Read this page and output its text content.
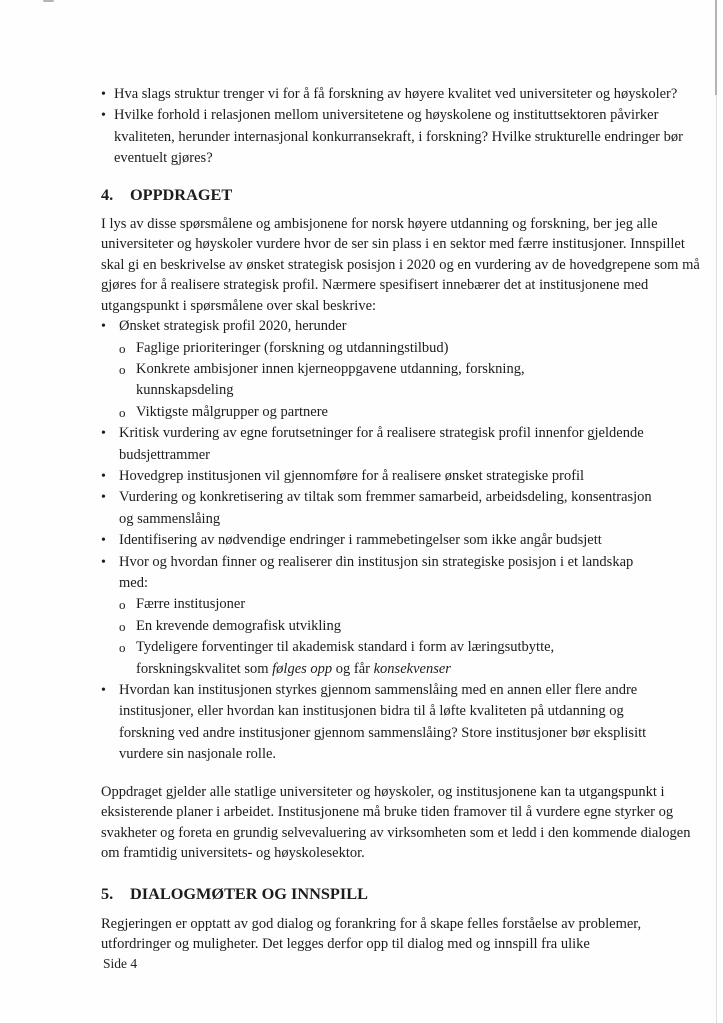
• Hva slags struktur trenger vi for å få forskning av høyere kvalitet ved universiteter og høyskoler?
• Hvilke forhold i relasjonen mellom universitetene og høyskolene og instituttsektoren påvirker kvaliteten, herunder internasjonal konkurransekraft, i forskning? Hvilke strukturelle endringer bør eventuelt gjøres?
4.	OPPDRAGET

I lys av disse spørsmålene og ambisjonene for norsk høyere utdanning og forskning, ber jeg alle universiteter og høyskoler vurdere hvor de ser sin plass i en sektor med færre institusjoner. Innspillet skal gi en beskrivelse av ønsket strategisk posisjon i 2020 og en vurdering av de hovedgrepene som må gjøres for å realisere strategisk profil. Nærmere spesifisert innebærer det at institusjonene med utgangspunkt i spørsmålene over skal beskrive:

• Ønsket strategisk profil 2020, herunder
o Faglige prioriteringer (forskning og utdanningstilbud)
o Konkrete ambisjoner innen kjerneoppgavene utdanning, forskning, kunnskapsdeling
o Viktigste målgrupper og partnere
• Kritisk vurdering av egne forutsetninger for å realisere strategisk profil innenfor gjeldende budsjettrammer
• Hovedgrep institusjonen vil gjennomføre for å realisere ønsket strategiske profil
• Vurdering og konkretisering av tiltak som fremmer samarbeid, arbeidsdeling, konsentrasjon og sammenslåing
• Identifisering av nødvendige endringer i rammebetingelser som ikke angår budsjett
• Hvor og hvordan finner og realiserer din institusjon sin strategiske posisjon i et landskap med:
o Færre institusjoner
o En krevende demografisk utvikling
o Tydeligere forventinger til akademisk standard i form av læringsutbytte, forskningskvalitet som følges opp og får konsekvenser
• Hvordan kan institusjonen styrkes gjennom sammenslåing med en annen eller flere andre institusjoner, eller hvordan kan institusjonen bidra til å løfte kvaliteten på utdanning og forskning ved andre institusjoner gjennom sammenslåing? Store institusjoner bør eksplisitt vurdere sin nasjonale rolle.

Oppdraget gjelder alle statlige universiteter og høyskoler, og institusjonene kan ta utgangspunkt i eksisterende planer i arbeidet. Institusjonene må bruke tiden framover til å vurdere egne styrker og svakheter og foreta en grundig selvevaluering av virksomheten som et ledd i den kommende dialogen om framtidig universitets- og høyskolesektor.

5.	DIALOGMØTER OG INNSPILL

Regjeringen er opptatt av god dialog og forankring for å skape felles forståelse av problemer, utfordringer og muligheter. Det legges derfor opp til dialog med og innspill fra ulike

Side 4
